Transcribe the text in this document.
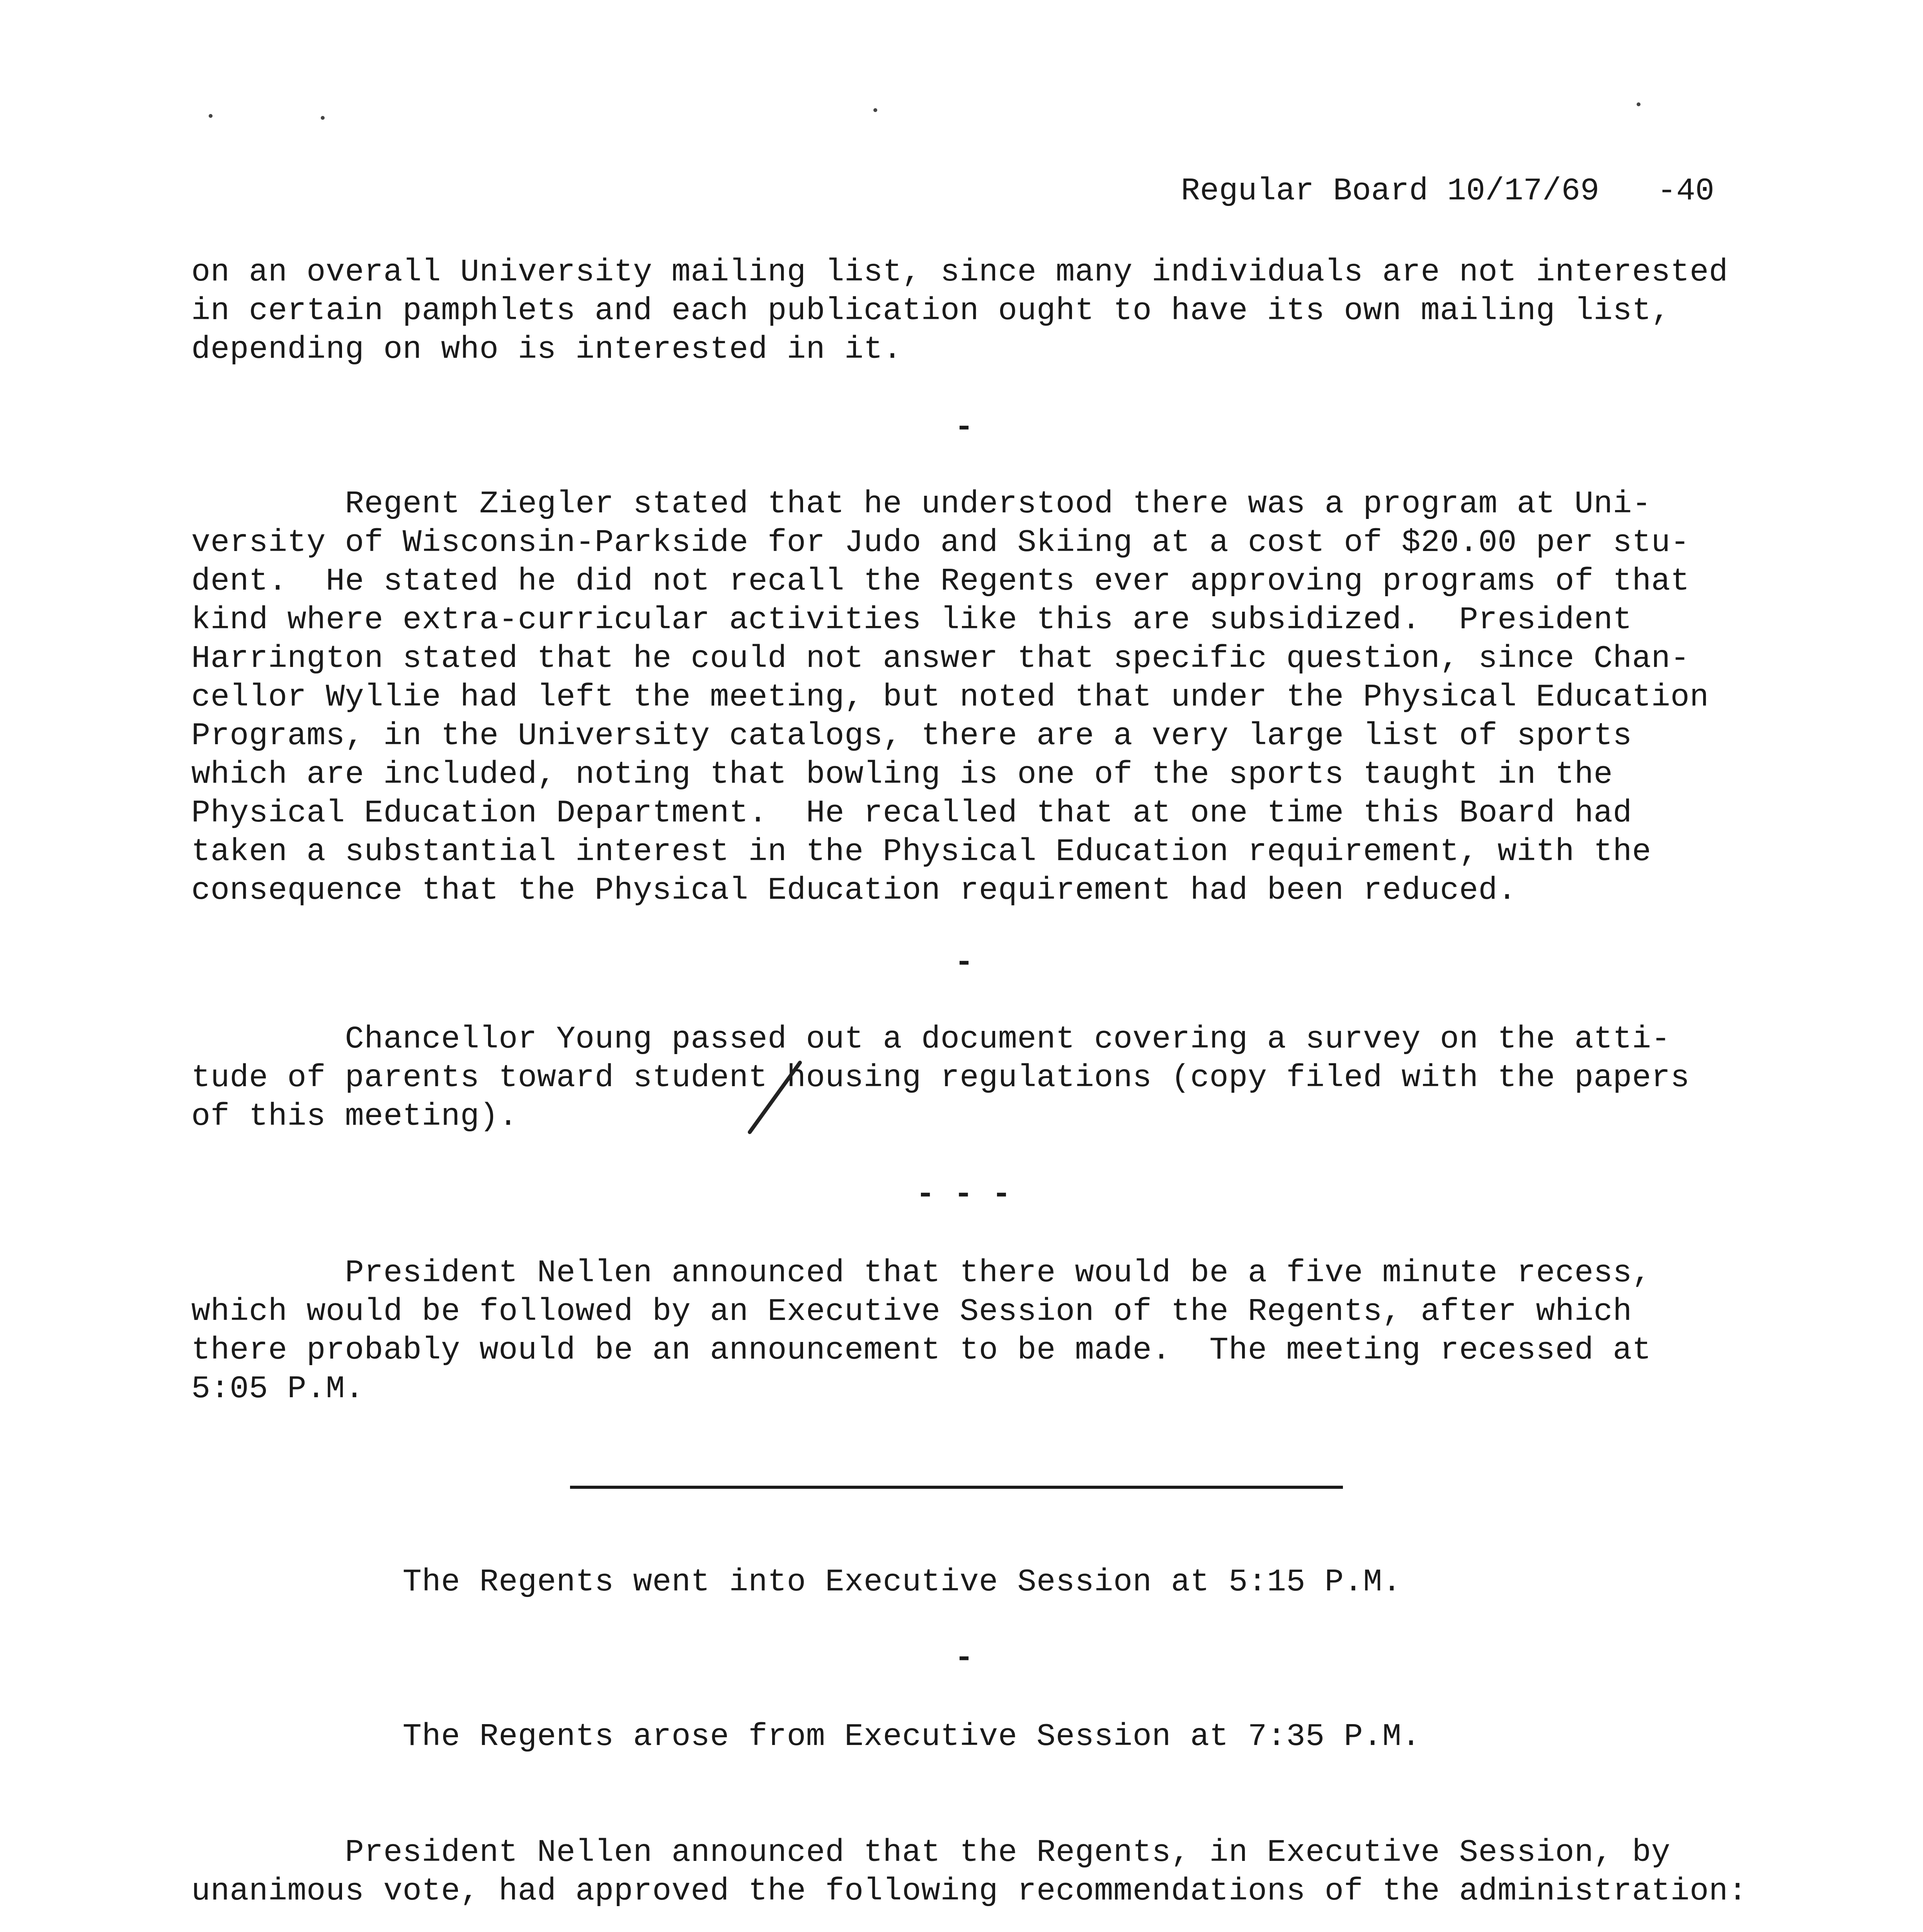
Regular Board 10/17/69 -40

on an overall University mailing list, since many individuals are not interested
in certain pamphlets and each publication ought to have its own mailing list,
depending on who is interested in it.
-
Regent Ziegler stated that he understood there was a program at Uni-
versity of Wisconsin-Parkside for Judo and Skiing at a cost of $20.00 per stu-
dent.  He stated he did not recall the Regents ever approving programs of that
kind where extra-curricular activities like this are subsidized.  President
Harrington stated that he could not answer that specific question, since Chan-
cellor Wyllie had left the meeting, but noted that under the Physical Education
Programs, in the University catalogs, there are a very large list of sports
which are included, noting that bowling is one of the sports taught in the
Physical Education Department.  He recalled that at one time this Board had
taken a substantial interest in the Physical Education requirement, with the
consequence that the Physical Education requirement had been reduced.
-
Chancellor Young passed out a document covering a survey on the atti-
tude of parents toward student housing regulations (copy filed with the papers
of this meeting).
- - -
President Nellen announced that there would be a five minute recess,
which would be followed by an Executive Session of the Regents, after which
there probably would be an announcement to be made.  The meeting recessed at
5:05 P.M.
The Regents went into Executive Session at 5:15 P.M.
-
The Regents arose from Executive Session at 7:35 P.M.
President Nellen announced that the Regents, in Executive Session, by
unanimous vote, had approved the following recommendations of the administration:
